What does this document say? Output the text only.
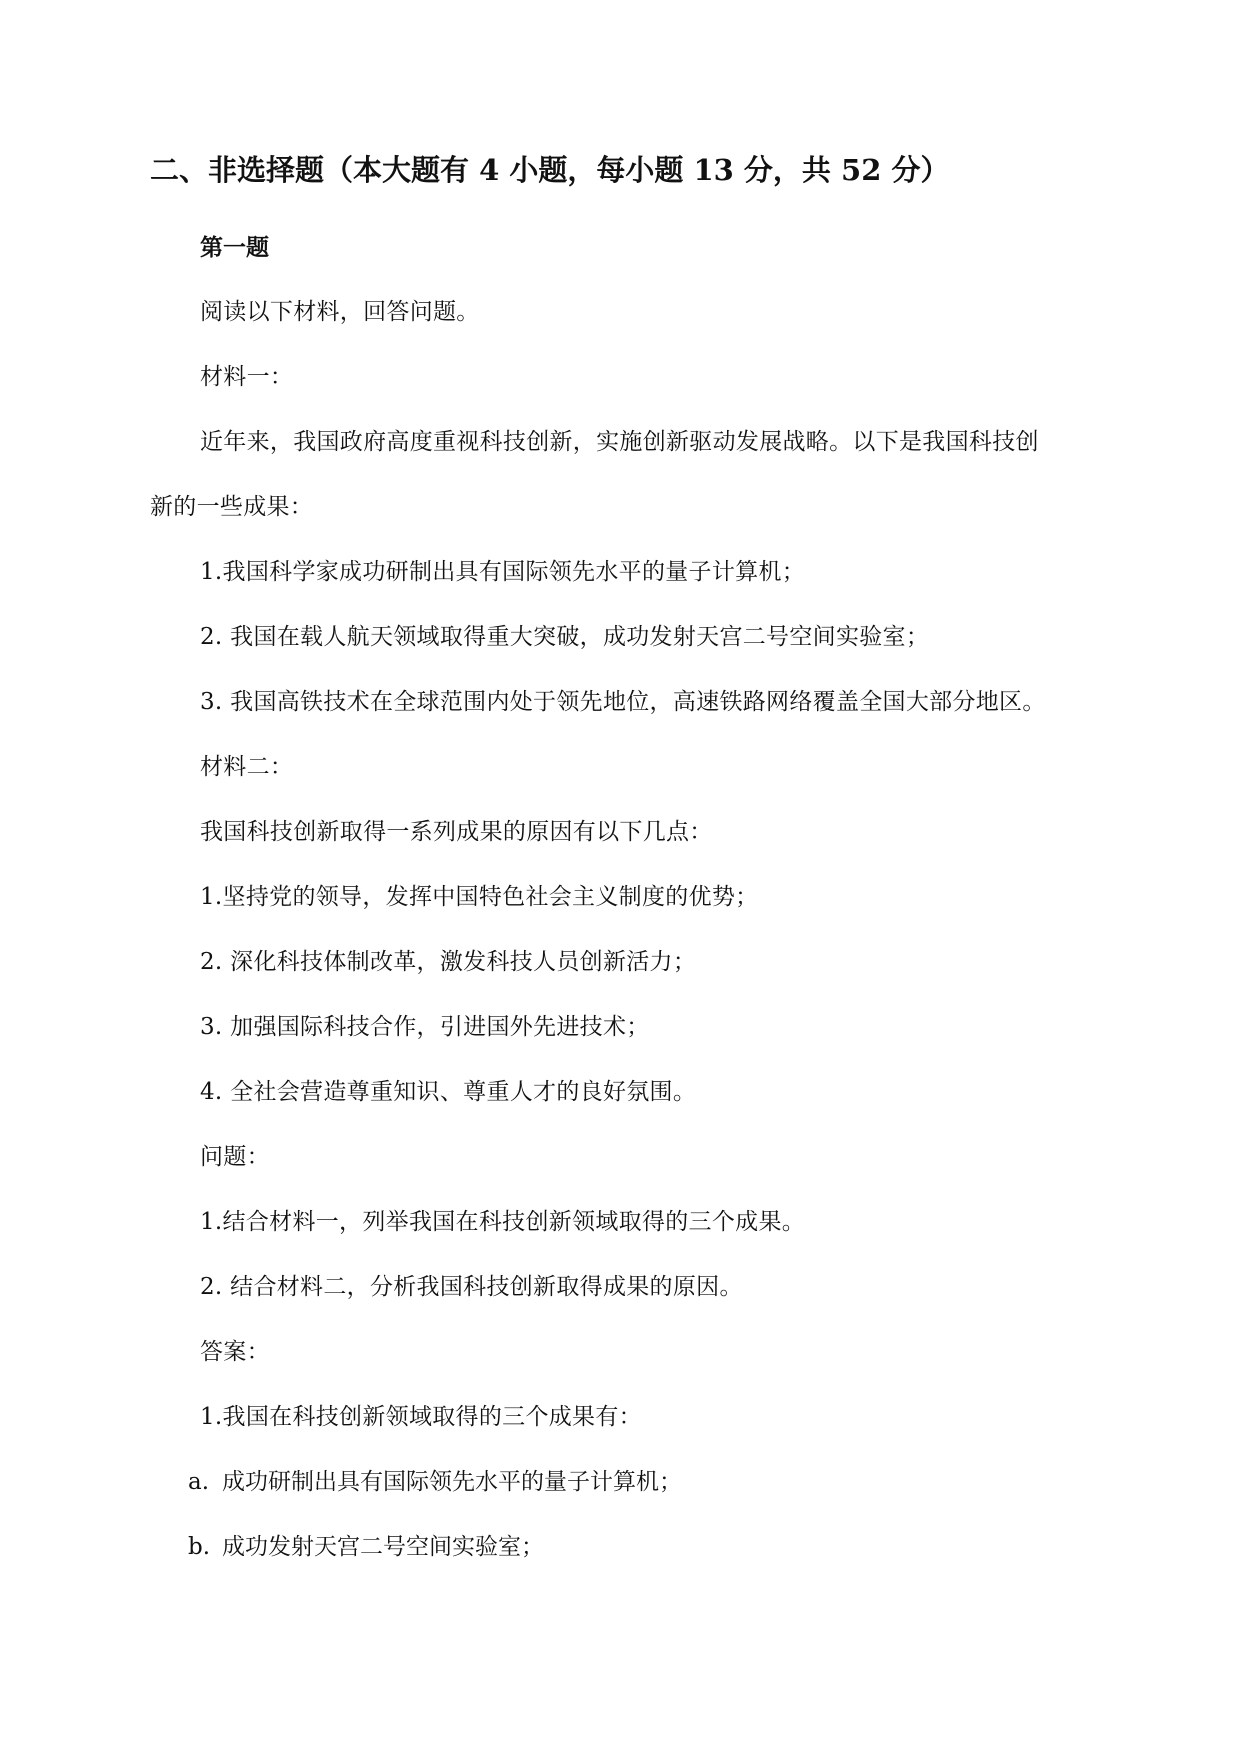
二、非选择题（本大题有 4 小题，每小题 13 分，共 52 分）
第一题

阅读以下材料，回答问题。

材料一：

近年来，我国政府高度重视科技创新，实施创新驱动发展战略。以下是我国科技创
新的一些成果：

1.我国科学家成功研制出具有国际领先水平的量子计算机；

2. 我国在载人航天领域取得重大突破，成功发射天宫二号空间实验室；

3. 我国高铁技术在全球范围内处于领先地位，高速铁路网络覆盖全国大部分地区。

材料二：

我国科技创新取得一系列成果的原因有以下几点：

1.坚持党的领导，发挥中国特色社会主义制度的优势；

2. 深化科技体制改革，激发科技人员创新活力；

3. 加强国际科技合作，引进国外先进技术；

4. 全社会营造尊重知识、尊重人才的良好氛围。

问题：

1.结合材料一，列举我国在科技创新领域取得的三个成果。

2. 结合材料二，分析我国科技创新取得成果的原因。

答案：

1.我国在科技创新领域取得的三个成果有：

a. 成功研制出具有国际领先水平的量子计算机；
b. 成功发射天宫二号空间实验室；
